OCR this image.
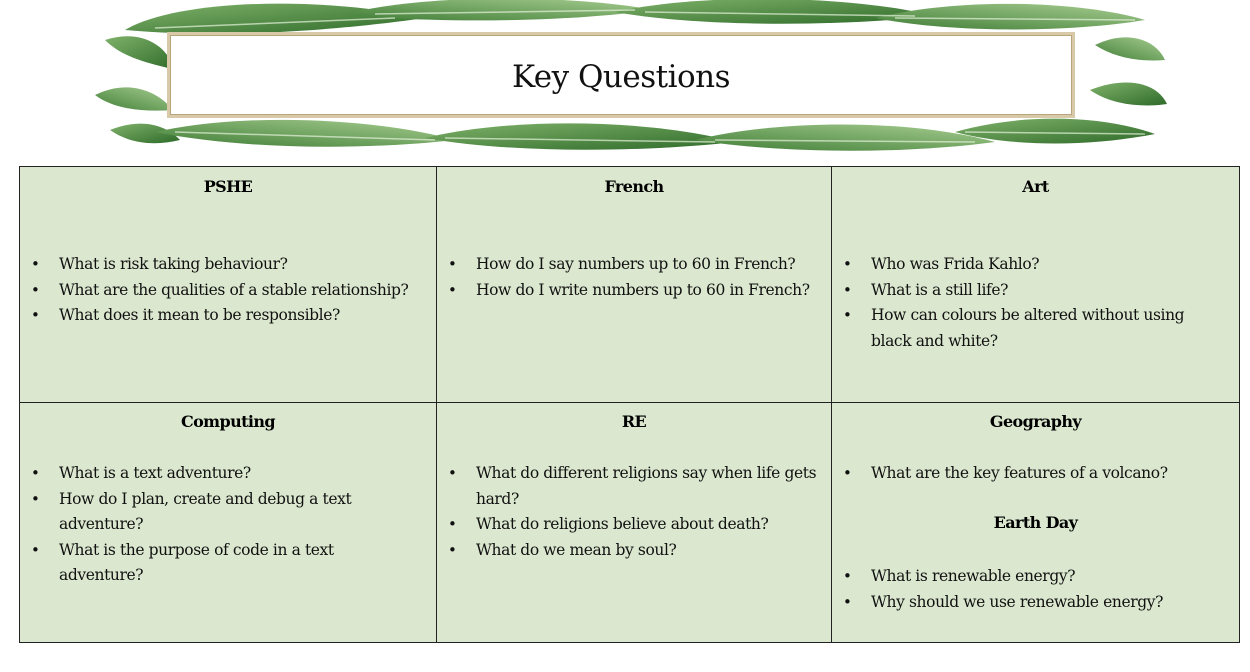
Key Questions
PSHE
• What is risk taking behaviour?
• What are the qualities of a stable relationship?
• What does it mean to be responsible?
French
• How do I say numbers up to 60 in French?
• How do I write numbers up to 60 in French?
Art
• Who was Frida Kahlo?
• What is a still life?
• How can colours be altered without using black and white?
Computing
• What is a text adventure?
• How do I plan, create and debug a text adventure?
• What is the purpose of code in a text adventure?
RE
• What do different religions say when life gets hard?
• What do religions believe about death?
• What do we mean by soul?
Geography
• What are the key features of a volcano?
Earth Day
• What is renewable energy?
• Why should we use renewable energy?
